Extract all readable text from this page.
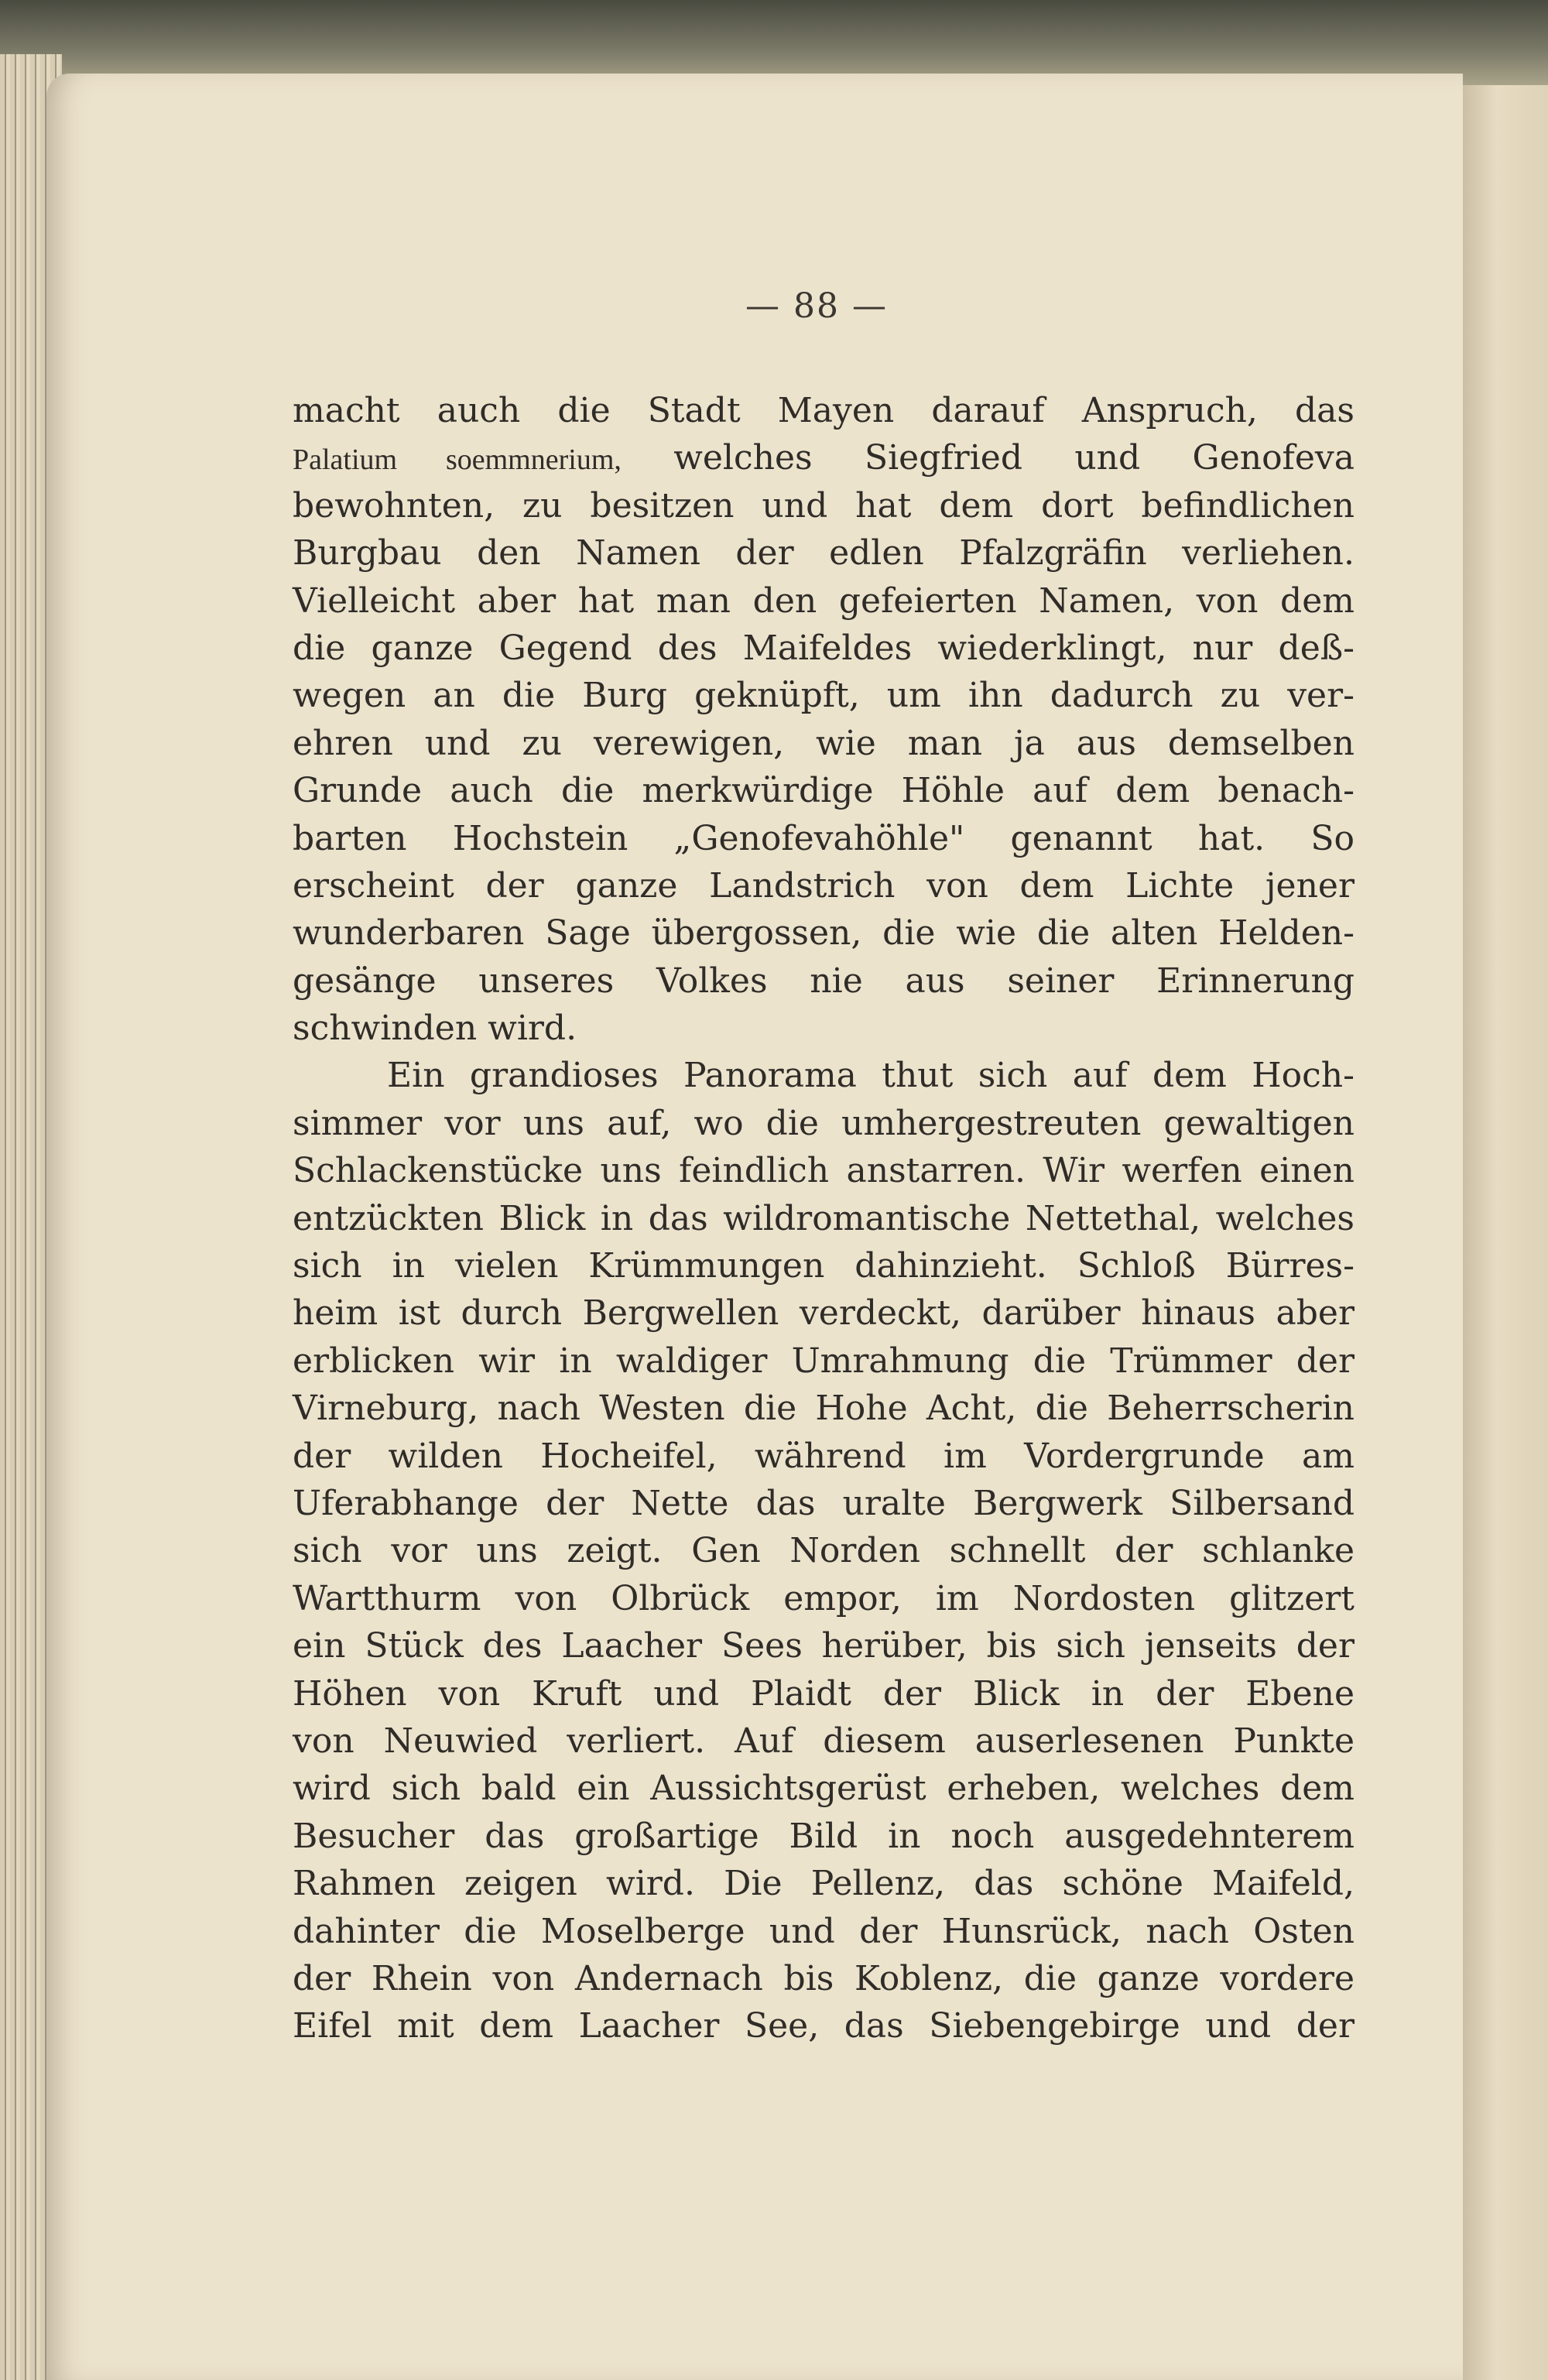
— 88 —
macht auch die Stadt Mayen darauf Anspruch, das
Palatium soemmnerium, welches Siegfried und Genofeva
bewohnten, zu besitzen und hat dem dort befindlichen
Burgbau den Namen der edlen Pfalzgräfin verliehen.
Vielleicht aber hat man den gefeierten Namen, von dem
die ganze Gegend des Maifeldes wiederklingt, nur deß-
wegen an die Burg geknüpft, um ihn dadurch zu ver-
ehren und zu verewigen, wie man ja aus demselben
Grunde auch die merkwürdige Höhle auf dem benach-
barten Hochstein „Genofevahöhle" genannt hat. So
erscheint der ganze Landstrich von dem Lichte jener
wunderbaren Sage übergossen, die wie die alten Helden-
gesänge unseres Volkes nie aus seiner Erinnerung
schwinden wird.
Ein grandioses Panorama thut sich auf dem Hoch-
simmer vor uns auf, wo die umhergestreuten gewaltigen
Schlackenstücke uns feindlich anstarren. Wir werfen einen
entzückten Blick in das wildromantische Nettethal, welches
sich in vielen Krümmungen dahinzieht. Schloß Bürres-
heim ist durch Bergwellen verdeckt, darüber hinaus aber
erblicken wir in waldiger Umrahmung die Trümmer der
Virneburg, nach Westen die Hohe Acht, die Beherrscherin
der wilden Hocheifel, während im Vordergrunde am
Uferabhange der Nette das uralte Bergwerk Silbersand
sich vor uns zeigt. Gen Norden schnellt der schlanke
Wartthurm von Olbrück empor, im Nordosten glitzert
ein Stück des Laacher Sees herüber, bis sich jenseits der
Höhen von Kruft und Plaidt der Blick in der Ebene
von Neuwied verliert. Auf diesem auserlesenen Punkte
wird sich bald ein Aussichtsgerüst erheben, welches dem
Besucher das großartige Bild in noch ausgedehnterem
Rahmen zeigen wird. Die Pellenz, das schöne Maifeld,
dahinter die Moselberge und der Hunsrück, nach Osten
der Rhein von Andernach bis Koblenz, die ganze vordere
Eifel mit dem Laacher See, das Siebengebirge und der
